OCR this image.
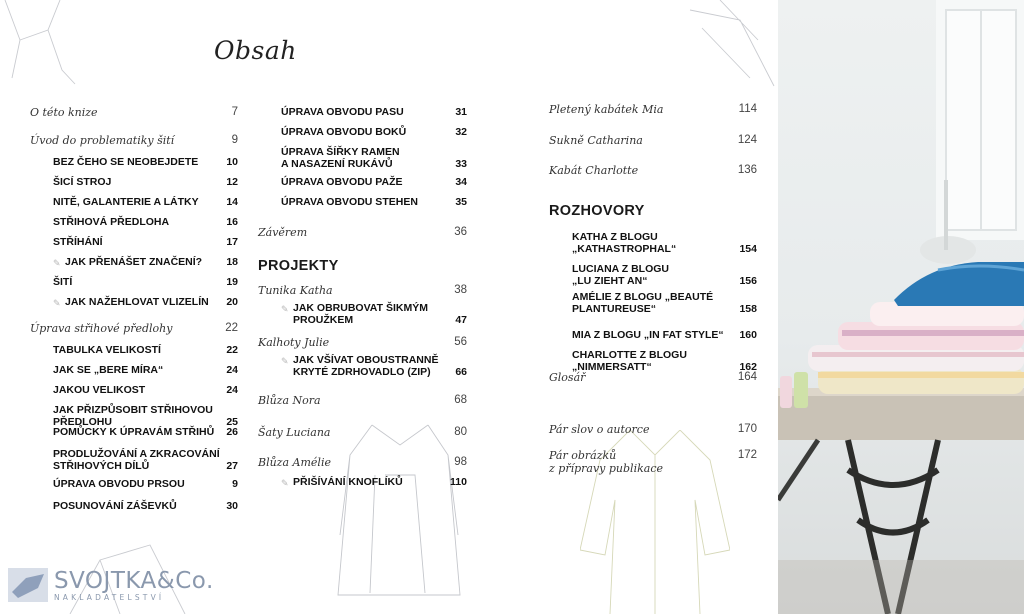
Obsah
O této knize	7
Úvod do problematiky šití	9
BEZ ČEHO SE NEOBEJDETE	10
ŠICÍ STROJ	12
NITĚ, GALANTERIE A LÁTKY	14
STŘIHOVÁ PŘEDLOHA	16
STŘÍHÁNÍ	17
✎ JAK PŘENÁŠET ZNAČENÍ?	18
ŠITÍ	19
✎ JAK NAŽEHLOVAT VLIZELÍN	20
Úprava střihové předlohy	22
TABULKA VELIKOSTÍ	22
JAK SE „BERE MÍRA“	24
JAKOU VELIKOST	24
JAK PŘIZPŮSOBIT STŘIHOVOU
PŘEDLOHU	25
POMŮCKY K ÚPRAVÁM STŘIHŮ	26
PRODLUŽOVÁNÍ A ZKRACOVÁNÍ
STŘIHOVÝCH DÍLŮ	27
ÚPRAVA OBVODU PRSOU	9
POSUNOVÁNÍ ZÁŠEVKŮ	30
ÚPRAVA OBVODU PASU	31
ÚPRAVA OBVODU BOKŮ	32
ÚPRAVA ŠÍŘKY RAMEN
A NASAZENÍ RUKÁVŮ	33
ÚPRAVA OBVODU PAŽE	34
ÚPRAVA OBVODU STEHEN	35
Závěrem	36
PROJEKTY
Tunika Katha	38
✎ JAK OBRUBOVAT ŠIKMÝM
PROUŽKEM	47
Kalhoty Julie	56
✎ JAK VŠÍVAT OBOUSTRANNĚ
KRYTÉ ZDRHOVADLO (ZIP)	66
Blůza Nora	68
Šaty Luciana	80
Blůza Amélie	98
✎ PŘIŠÍVÁNÍ KNOFLÍKŮ	110
Pletený kabátek Mia	114
Sukně Catharina	124
Kabát Charlotte	136
ROZHOVORY
KATHA Z BLOGU
„KATHASTROPHAL“	154
LUCIANA Z BLOGU
„LU ZIEHT AN“	156
AMÉLIE Z BLOGU „BEAUTÉ
PLANTUREUSE“	158
MIA Z BLOGU „IN FAT STYLE“	160
CHARLOTTE Z BLOGU
„NIMMERSATT“	162
Glosář	164
Pár slov o autorce	170
Pár obrázků
z přípravy publikace
172
SVOJTKA&Co.
NAKLADATELSTVÍ
